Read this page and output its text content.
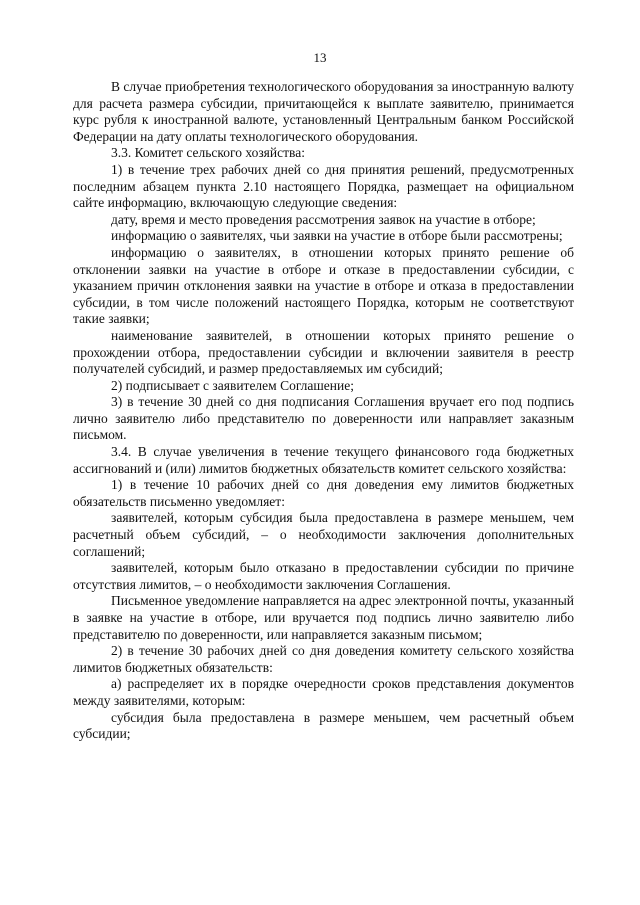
13

В случае приобретения технологического оборудования за иностранную валюту для расчета размера субсидии, причитающейся к выплате заявителю, принимается курс рубля к иностранной валюте, установленный Центральным банком Российской Федерации на дату оплаты технологического оборудования.

3.3. Комитет сельского хозяйства:

1) в течение трех рабочих дней со дня принятия решений, предусмотренных последним абзацем пункта 2.10 настоящего Порядка, размещает на официальном сайте информацию, включающую следующие сведения:

дату, время и место проведения рассмотрения заявок на участие в отборе;

информацию о заявителях, чьи заявки на участие в отборе были рассмотрены;

информацию о заявителях, в отношении которых принято решение об отклонении заявки на участие в отборе и отказе в предоставлении субсидии, с указанием причин отклонения заявки на участие в отборе и отказа в предоставлении субсидии, в том числе положений настоящего Порядка, которым не соответствуют такие заявки;

наименование заявителей, в отношении которых принято решение о прохождении отбора, предоставлении субсидии и включении заявителя в реестр получателей субсидий, и размер предоставляемых им субсидий;

2) подписывает с заявителем Соглашение;

3) в течение 30 дней со дня подписания Соглашения вручает его под подпись лично заявителю либо представителю по доверенности или направляет заказным письмом.

3.4. В случае увеличения в течение текущего финансового года бюджетных ассигнований и (или) лимитов бюджетных обязательств комитет сельского хозяйства:

1) в течение 10 рабочих дней со дня доведения ему лимитов бюджетных обязательств письменно уведомляет:

заявителей, которым субсидия была предоставлена в размере меньшем, чем расчетный объем субсидий, – о необходимости заключения дополнительных соглашений;

заявителей, которым было отказано в предоставлении субсидии по причине отсутствия лимитов, – о необходимости заключения Соглашения.

Письменное уведомление направляется на адрес электронной почты, указанный в заявке на участие в отборе, или вручается под подпись лично заявителю либо представителю по доверенности, или направляется заказным письмом;

2) в течение 30 рабочих дней со дня доведения комитету сельского хозяйства лимитов бюджетных обязательств:

а) распределяет их в порядке очередности сроков представления документов между заявителями, которым:

субсидия была предоставлена в размере меньшем, чем расчетный объем субсидии;
